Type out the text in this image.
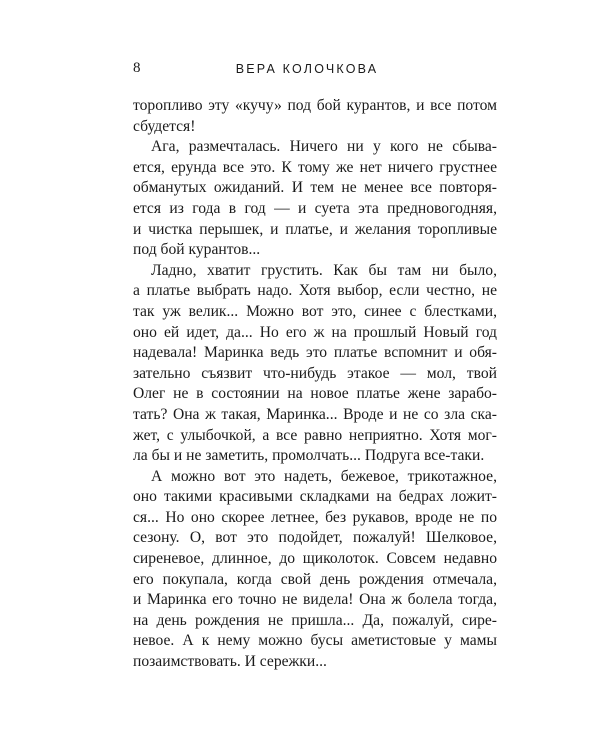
8	ВЕРА КОЛОЧКОВА
торопливо эту «кучу» под бой курантов, и все потом
сбудется!
Ага, размечталась. Ничего ни у кого не сбыва-
ется, ерунда все это. К тому же нет ничего грустнее
обманутых ожиданий. И тем не менее все повторя-
ется из года в год — и суета эта предновогодняя,
и чистка перышек, и платье, и желания торопливые
под бой курантов...
Ладно, хватит грустить. Как бы там ни было,
а платье выбрать надо. Хотя выбор, если честно, не
так уж велик... Можно вот это, синее с блестками,
оно ей идет, да... Но его ж на прошлый Новый год
надевала! Маринка ведь это платье вспомнит и обя-
зательно съязвит что-нибудь этакое — мол, твой
Олег не в состоянии на новое платье жене зарабо-
тать? Она ж такая, Маринка... Вроде и не со зла ска-
жет, с улыбочкой, а все равно неприятно. Хотя мог-
ла бы и не заметить, промолчать... Подруга все-таки.
А можно вот это надеть, бежевое, трикотажное,
оно такими красивыми складками на бедрах ложит-
ся... Но оно скорее летнее, без рукавов, вроде не по
сезону. О, вот это подойдет, пожалуй! Шелковое,
сиреневое, длинное, до щиколоток. Совсем недавно
его покупала, когда свой день рождения отмечала,
и Маринка его точно не видела! Она ж болела тогда,
на день рождения не пришла... Да, пожалуй, сире-
невое. А к нему можно бусы аметистовые у мамы
позаимствовать. И сережки...
